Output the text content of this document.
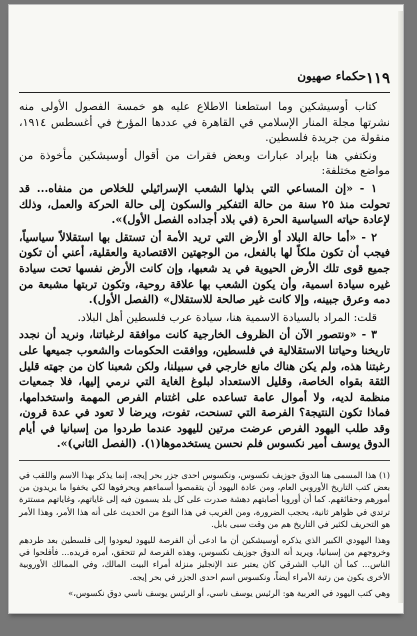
١١٩
حكماء صهيون

كتاب أوسيشكين وما استطعنا الاطلاع عليه هو خمسة الفصول الأولى منه نشرتها مجلة المنار الإسلامي في القاهرة في عددها المؤرخ في أغسطس ١٩١٤، منقولة من جريدة فلسطين.

ونكتفي هنا بإيراد عبارات وبعض فقرات من أقوال أوسيشكين مأخوذة من مواضع مختلفة:

١ - «إن المساعي التي بذلها الشعب الإسرائيلي للخلاص من منفاه... قد تحولت منذ ٢٥ سنة من حالة التفكير والسكون إلى حالة الحركة والعمل، وذلك لإعادة حياته السياسية الحرة (في بلاد أجداده الفصل الأول)».

٢ - «أما حالة البلاد أو الأرض التي تريد الأمة أن تستقل بها استقلالاً سياسياً، فيجب أن تكون ملكاً لها بالفعل، من الوجهتين الاقتصادية والعقلية، أعني أن تكون جميع قوى تلك الأرض الحيوية في يد شعبها، وإن كانت الأرض نفسها تحت سيادة غيره سيادة اسمية، وأن يكون الشعب بها علاقة روحية، وتكون تربتها مشبعة من دمه وعرق جبينه، وإلا كانت غير صالحة للاستقلال» (الفصل الأول).

قلت: المراد بالسيادة الاسمية هنا، سيادة عرب فلسطين أهل البلاد.

٣ - «ونتصور الآن أن الظروف الخارجية كانت موافقة لرغباتنا، ونريد أن نجدد تاريخنا وحياتنا الاستقلالية في فلسطين، ووافقت الحكومات والشعوب جميعها على رغبتنا هذه، ولم يكن هناك مانع خارجي في سبيلنا، ولكن شعبنا كان من جهته قليل الثقة بقواه الخاصة، وقليل الاستعداد لبلوغ الغاية التي نرمي إليها، فلا جمعيات منظمة لديه، ولا أموال عامة تساعده على اغتنام الفرص المهمة واستخدامها، فماذا تكون النتيجة؟ الفرصة التي تسنحت، تفوت، ويرضا لا تعود في عدة قرون، وقد طلب اليهود الفرص عرضت مرتين لليهود عندما طردوا من إسبانيا في أيام الدوق يوسف أمير نكسوس فلم نحسن يستخدموها(١). (الفصل الثاني)».

(١) هذا المسمى هنا الدوق جوزيف نكسوس، ونكسوس احدى جزر بحر إيجه، إنما يذكر بهذا الاسم واللقب في بعض كتب التاريخ الأوروبي العام، ومن عادة اليهود أن يتقمصوا أسماءهم ويحرفوها لكي يخفوا ما يريدون من أمورهم وحقائقهم. كما أن أوروبا أصابتهم دهشة صدرت على كل بلد يسمون فيه إلى غاياتهم، وغاياتهم مستترة ترتدي في ظواهر ثانية، يحجب الضرورة، ومن الغريب في هذا النوع من الحديث على أنه هذا الأمر، وهذا الأمر هو التحريف لكثير في التاريخ هم من وقت سبى بابل.

وهذا اليهودي الكبير الذي يذكره أوسيشكين أن ما ادعى أن الفرصة لليهود ليعودوا إلى فلسطين بعد طردهم وخروجهم من إسبانيا، ويريد أنه الدوق جوزيف نكسوس، وهذه الفرصة لم تتحقق، أمره فريده... فأفلحوا في الناس... كما أن الباب الشرقي كان يعتبر عند الإنجليز منزلة أمراء البيت المالك، وفي الممالك الأوروبية الأخرى يكون من رتبة الأمراء أيضاً، ونكسوس اسم احدى الجزر في بحر إيجه.

وهي كتب اليهود في العربية هو: الرئيس يوسف ناسي، أو الرئيس يوسف ناسي دوق نكسوس،»
